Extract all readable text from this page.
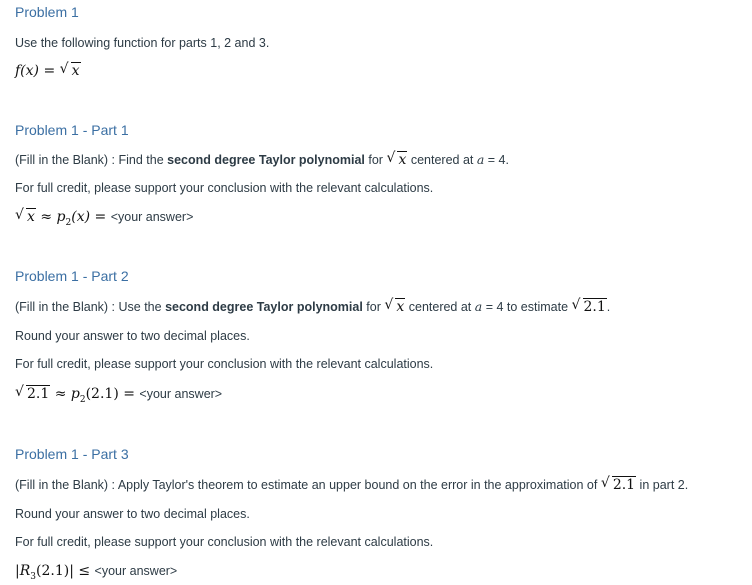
Problem 1
Use the following function for parts 1, 2 and 3.
f(x) = √ x
Problem 1 - Part 1
(Fill in the Blank) : Find the second degree Taylor polynomial for √ x centered at a = 4.
For full credit, please support your conclusion with the relevant calculations.
√ $x \approx p_2(x)$ = <your answer>
Problem 1 - Part 2
(Fill in the Blank) : Use the second degree Taylor polynomial for √ x centered at a = 4 to estimate √ 2.1.
Round your answer to two decimal places.
For full credit, please support your conclusion with the relevant calculations.
√ $2.1 \approx p_2(2.1)$ = <your answer>
Problem 1 - Part 3
(Fill in the Blank) : Apply Taylor's theorem to estimate an upper bound on the error in the approximation of √ 2.1 in part 2.
Round your answer to two decimal places.
For full credit, please support your conclusion with the relevant calculations.
$|R_3(2.1)|$ ≤ <your answer>
